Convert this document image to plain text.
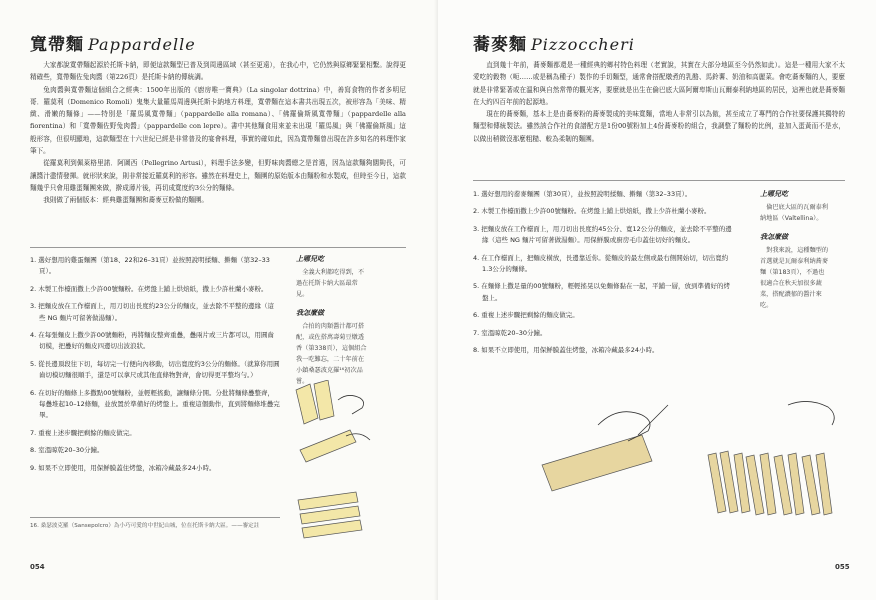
寬帶麵 Pappardelle

大家都說寬帶麵起源於托斯卡納，即便這款麵型已普及到周邊區域（甚至更遠），在我心中，它仍然與原鄉緊緊相繫。說得更精確些，寬帶麵佐兔肉醬（第226頁）是托斯卡納的傳統調。

兔肉醬與寬帶麵這個組合之經典：1500年出版的《廚房唯一寶典》（La singolar dottrina）中，善寫食物的作者多明尼哥．羅莫利（Domenico Romoli）鬼集大量羅馬周邊與托斯卡納地方料理，寬帶麵在這本書共出現五次，被形容為「美味、精緻、滑嫩的麵條」——特別是「羅馬風寬帶麵」（pappardelle alla romana）、「佛羅倫斯風寬帶麵」（pappardelle alla fiorentina）和「寬帶麵佐野兔肉醬」（pappardelle con lepre）。書中其他麵食用來並未出現「羅馬風」與「佛羅倫斯風」這般形容，但很明顯地，這款麵型在十六世紀已經是非常普及的宴會料理，事實的確如此，因為寬帶麵曾出現在許多知名的料理作家筆下。

從羅莫利到佩萊格里諾．阿圖西（Pellegrino Artusi），料理手法多變，但野味肉醬總之是首選，因為這款麵夠闊夠長，可讓醬汁盡情發揮。就形狀來說，則非常接近羅莫利的形容。雖然在料理史上，麵團的原始版本由麵粉和水製成，但時至今日，這款麵幾乎只會用雞蛋麵團來做，擀成薄片後，再切成寬度約3公分的麵條。

我則做了兩個版本：經典雞蛋麵團和蕎麥豆粉做的麵團。

1. 選好想用的雞蛋麵團（第18、22和26–31頁）並按照說明揉麵、擀麵（第32–33頁）。

2. 木製工作檯面撒上少許00號麵粉。在烤盤上鋪上烘焙紙，撒上少許杜蘭小麥粉。

3. 把麵皮放在工作檯面上，用刀切出長度約23公分的麵皮，並去除不平整的邊緣（這些 NG 麵片可留著做湯麵）。

4. 在每張麵皮上撒少許00號麵粉，再將麵皮整齊重疊，疊兩片或三片都可以，用圓齒切模，把疊好的麵皮四邊切出波浪狀。

5. 從長邊頂段往下切，每切完一行便向內移動，切出寬度約3公分的麵條。（就算你用圓齒切模切麵很順手，還是可以拿尺或其他直條物對齊，會切得更平整均勻。）

6. 在切好的麵條上多撒點00號麵粉，並輕輕搖動，讓麵條分開。分批將麵條疊整齊，每疊堆起10–12條麵，並放置於準備好的烤盤上。重複這個動作，直到將麵條堆疊完畢。

7. 重複上述步驟把剩餘的麵皮做完。

8. 室溫晾乾20–30分鐘。

9. 如果不立即使用，用保鮮膜蓋住烤盤，冰箱冷藏最多24小時。

上哪兒吃

全義大利都吃得到，不過在托斯卡納大區最常見。

我怎麼做

合拍的肉類醬汁都可搭配，或佐搭萬壽菊豆燉透香（第338頁），這個組合我一吃難忘，二十年前在小鎮桑瑟波克羅¹⁶初次品嘗。

16. 桑瑟波克羅（Sansepolcro）為小巧可愛的中世紀山城，位在托斯卡納大區。——審定註
054
蕎麥麵 Pizzoccheri

直到幾十年前，蕎麥麵都還是一種經典的鄉村特色料理（老實說，其實在大部分地區至今仍然如此）。這是一種用大家不太愛吃的穀物（呃……或是稱為種子）製作的手切麵型，通常會搭配燉煮的乳酪、馬鈴薯、奶油和高麗菜。會吃蕎麥麵的人，要麼就是非常緊著或在溫和與自然常帶的觀光客，要麼就是出生在倫巴底大區阿爾卑斯山瓦爾泰利納地區的居民，這裡也就是蕎麥麵在大約四百年前的起源地。

現在的蕎麥麵，基本上是由蕎麥粉的蕎麥製成的美味寬麵，當地人非常引以為傲，甚至成立了專門的合作社要保護其獨特的麵型和傳統製法。雖然該合作社的食譜配方是1份00號粉加上4份蕎麥粉的組合，我調整了麵粉的比例，並加入蛋黃而不是水，以做出稍微沒那麼粗糙、較為柔韌的麵團。

1. 選好想用的蕎麥麵團（第30頁），並按照說明揉麵、擀麵（第32–33頁）。

2. 木製工作檯面撒上少許00號麵粉。在烤盤上鋪上烘焙紙，撒上少許杜蘭小麥粉。

3. 把麵皮放在工作檯面上，用刀切出長度約45公分、寬12公分的麵皮，並去除不平整的邊緣（這些 NG 麵片可留著做湯麵）。用保鮮膜或廚房毛巾蓋住切好的麵皮。

4. 在工作檯面上，把麵皮橫放，長邊靠近你。從麵皮的最左側或最右側開始切，切出寬約1.3公分的麵條。

5. 在麵條上撒足量的00號麵粉，輕輕搖晃以免麵條黏在一起，平鋪一層，放到準備好的烤盤上。

6. 重複上述步驟把剩餘的麵皮做完。

7. 室溫晾乾20–30分鐘。

8. 如果不立即使用，用保鮮膜蓋住烤盤，冰箱冷藏最多24小時。

上哪兒吃

倫巴底大區的瓦爾泰利納地區（Valtellina）。

我怎麼做

對我來說，這種麵型的首選就是瓦爾泰利納蕎麥麵（第183頁），不過也很適合在秋天加很多蔬菜，搭配濃郁的醬汁來吃。

055
